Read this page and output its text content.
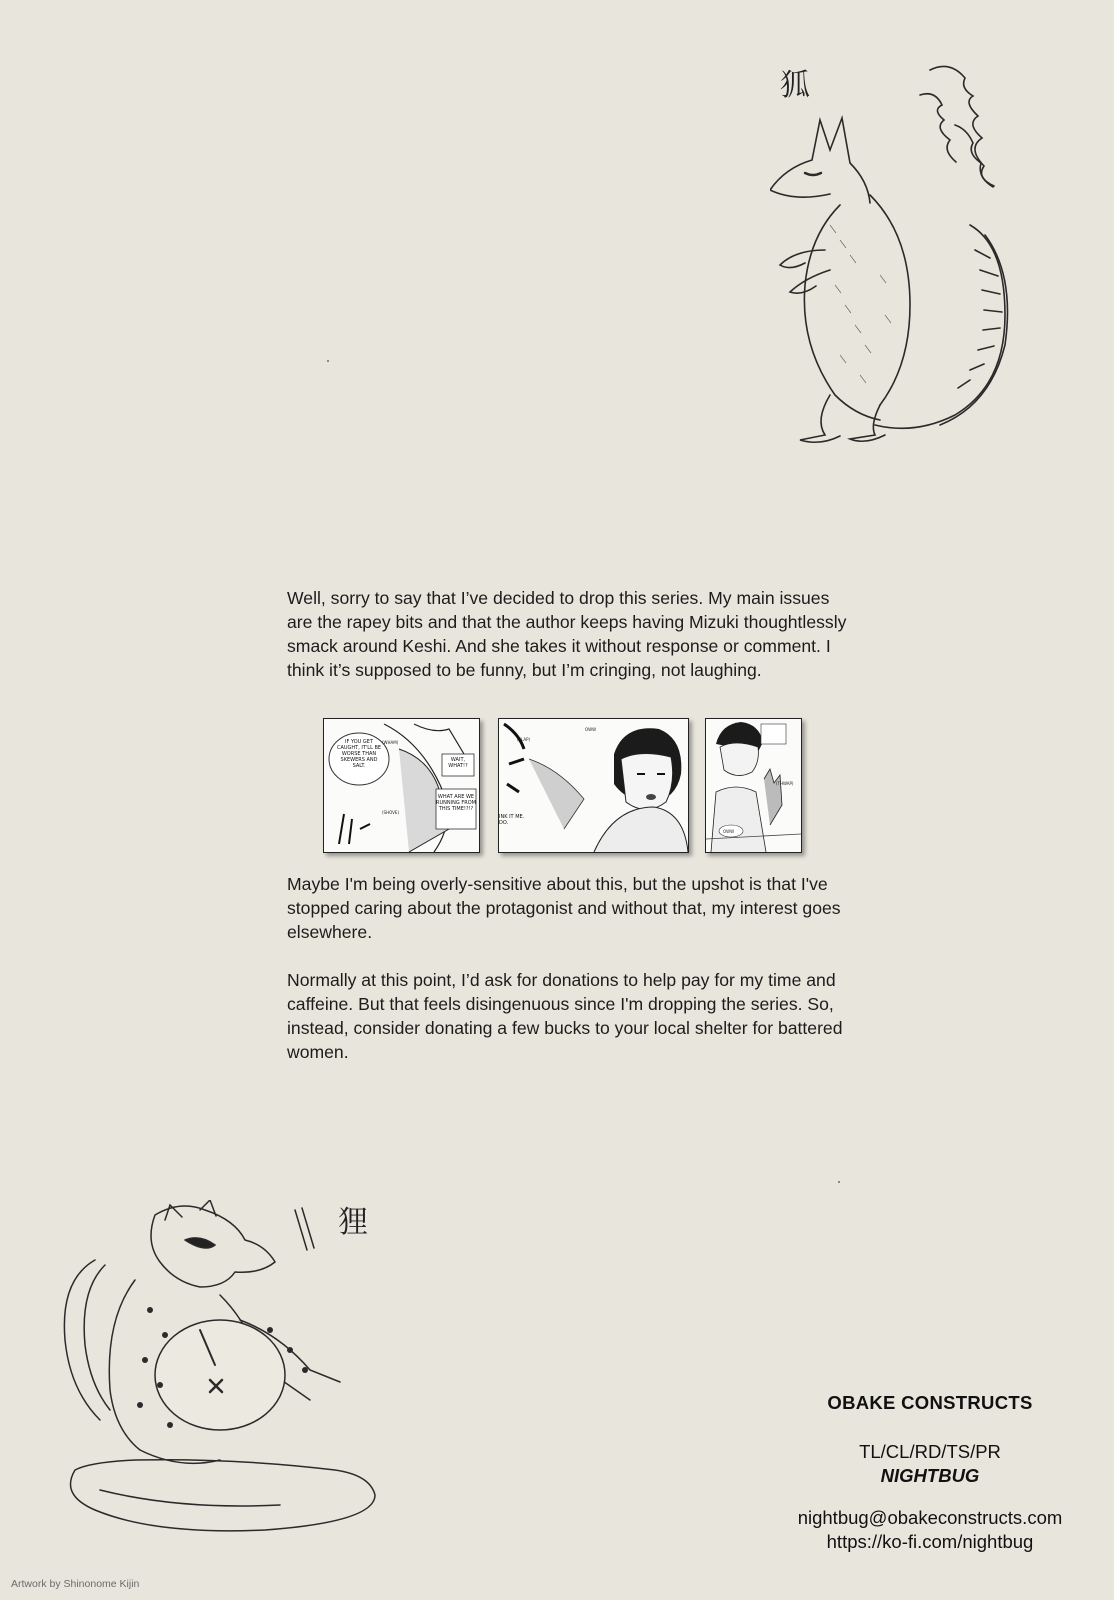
狐

Well, sorry to say that I’ve decided to drop this series. My main issues are the rapey bits and that the author keeps having Mizuki thoughtlessly smack around Keshi. And she takes it without response or comment. I think it’s supposed to be funny, but I’m cringing, not laughing.

IF YOU GET CAUGHT, IT'LL BE WORSE THAN SKEWERS AND SALT.
WAIT, WHAT!?
WHAT ARE WE RUNNING FROM THIS TIME!?!?
(WHAM)
(SHOVE)
(SLAP)
OWW
INK IT ME. DO.
(THWAP)
OWW

Maybe I'm being overly-sensitive about this, but the upshot is that I've stopped caring about the protagonist and without that, my interest goes elsewhere.

Normally at this point, I’d ask for donations to help pay for my time and caffeine. But that feels disingenuous since I'm dropping the series. So, instead, consider donating a few bucks to your local shelter for battered women.

狸
OBAKE CONSTRUCTS
TL/CL/RD/TS/PR
NIGHTBUG
nightbug@obakeconstructs.com
https://ko-fi.com/nightbug
Artwork by Shinonome Kijin
